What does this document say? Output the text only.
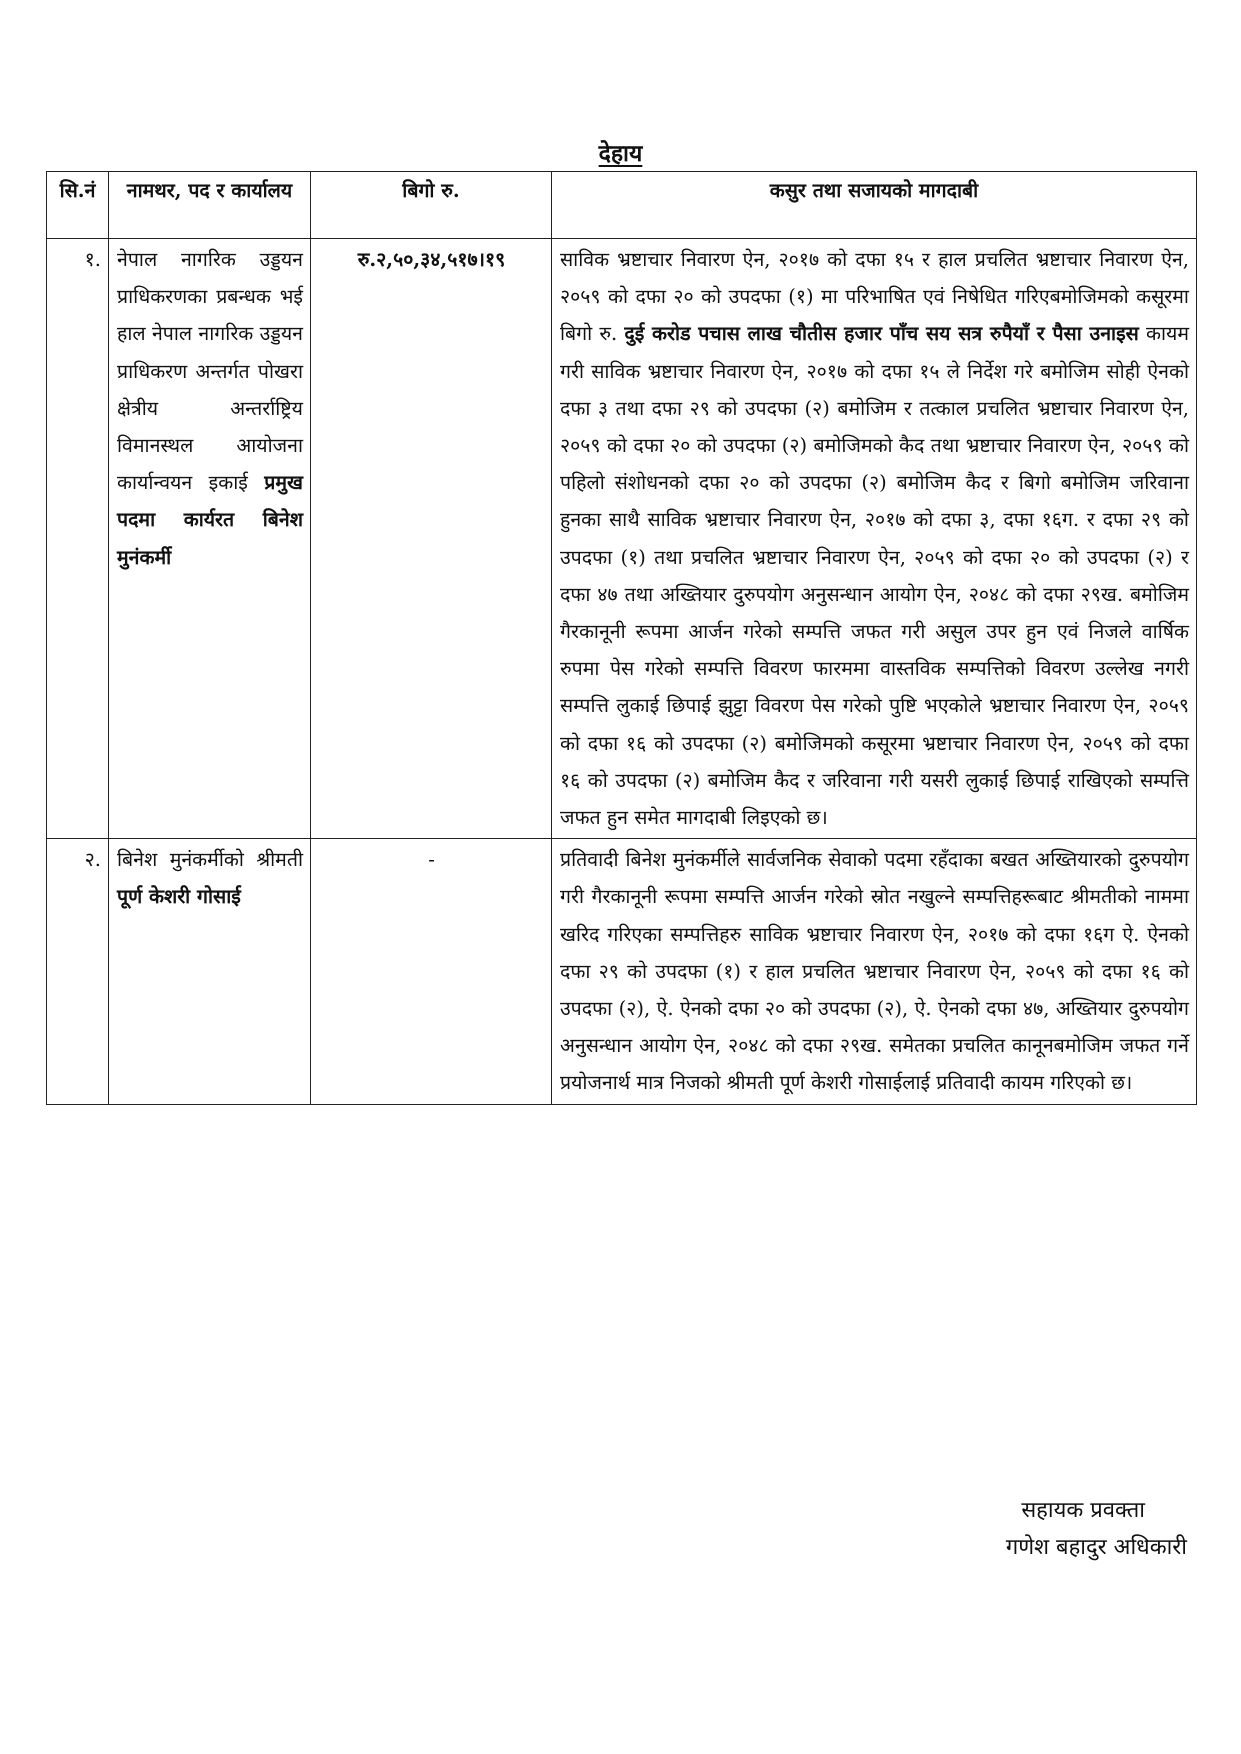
देहाय
सि.नं	नामथर, पद र कार्यालय	बिगो रु.	कसुर तथा सजायको मागदाबी
१.	नेपाल नागरिक उड्डयन प्राधिकरणका प्रबन्धक भई हाल नेपाल नागरिक उड्डयन प्राधिकरण अन्तर्गत पोखरा क्षेत्रीय अन्तर्राष्ट्रिय विमानस्थल आयोजना कार्यान्वयन इकाई प्रमुख पदमा कार्यरत बिनेश मुनंकर्मी	रु.२,५०,३४,५१७।१९	साविक भ्रष्टाचार निवारण ऐन, २०१७ को दफा १५ र हाल प्रचलित भ्रष्टाचार निवारण ऐन, २०५९ को दफा २० को उपदफा (१) मा परिभाषित एवं निषेधित गरिएबमोजिमको कसूरमा बिगो रु. दुई करोड पचास लाख चौतीस हजार पाँच सय सत्र रुपैयाँ र पैसा उनाइस कायम गरी साविक भ्रष्टाचार निवारण ऐन, २०१७ को दफा १५ ले निर्देश गरे बमोजिम सोही ऐनको दफा ३ तथा दफा २९ को उपदफा (२) बमोजिम र तत्काल प्रचलित भ्रष्टाचार निवारण ऐन, २०५९ को दफा २० को उपदफा (२) बमोजिमको कैद तथा भ्रष्टाचार निवारण ऐन, २०५९ को पहिलो संशोधनको दफा २० को उपदफा (२) बमोजिम कैद र बिगो बमोजिम जरिवाना हुनका साथै साविक भ्रष्टाचार निवारण ऐन, २०१७ को दफा ३, दफा १६ग. र दफा २९ को उपदफा (१) तथा प्रचलित भ्रष्टाचार निवारण ऐन, २०५९ को दफा २० को उपदफा (२) र दफा ४७ तथा अख्तियार दुरुपयोग अनुसन्धान आयोग ऐन, २०४८ को दफा २९ख. बमोजिम गैरकानूनी रूपमा आर्जन गरेको सम्पत्ति जफत गरी असुल उपर हुन एवं निजले वार्षिक रुपमा पेस गरेको सम्पत्ति विवरण फारममा वास्तविक सम्पत्तिको विवरण उल्लेख नगरी सम्पत्ति लुकाई छिपाई झुट्टा विवरण पेस गरेको पुष्टि भएकोले भ्रष्टाचार निवारण ऐन, २०५९ को दफा १६ को उपदफा (२) बमोजिमको कसूरमा भ्रष्टाचार निवारण ऐन, २०५९ को दफा १६ को उपदफा (२) बमोजिम कैद र जरिवाना गरी यसरी लुकाई छिपाई राखिएको सम्पत्ति जफत हुन समेत मागदाबी लिइएको छ।
२.	बिनेश मुनंकर्मीको श्रीमती पूर्ण केशरी गोसाई	-	प्रतिवादी बिनेश मुनंकर्मीले सार्वजनिक सेवाको पदमा रहँदाका बखत अख्तियारको दुरुपयोग गरी गैरकानूनी रूपमा सम्पत्ति आर्जन गरेको स्रोत नखुल्ने सम्पत्तिहरूबाट श्रीमतीको नाममा खरिद गरिएका सम्पत्तिहरु साविक भ्रष्टाचार निवारण ऐन, २०१७ को दफा १६ग ऐ. ऐनको दफा २९ को उपदफा (१) र हाल प्रचलित भ्रष्टाचार निवारण ऐन, २०५९ को दफा १६ को उपदफा (२), ऐ. ऐनको दफा २० को उपदफा (२), ऐ. ऐनको दफा ४७, अख्तियार दुरुपयोग अनुसन्धान आयोग ऐन, २०४८ को दफा २९ख. समेतका प्रचलित कानूनबमोजिम जफत गर्ने प्रयोजनार्थ मात्र निजको श्रीमती पूर्ण केशरी गोसाईलाई प्रतिवादी कायम गरिएको छ।
सहायक प्रवक्ता
गणेश बहादुर अधिकारी
